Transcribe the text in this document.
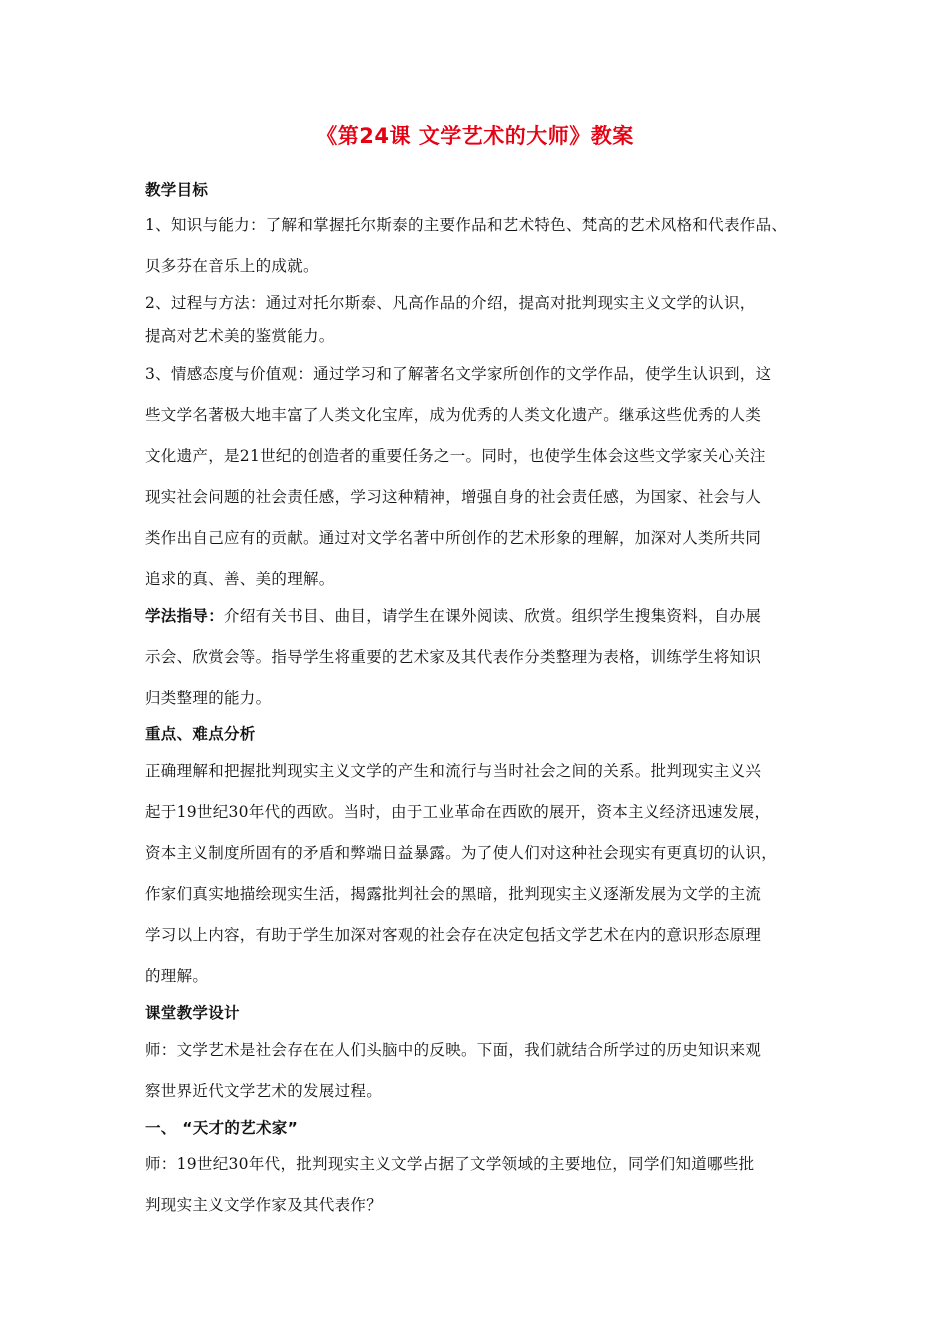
《第24课 文学艺术的大师》教案
教学目标
1、知识与能力：了解和掌握托尔斯泰的主要作品和艺术特色、梵高的艺术风格和代表作品、
贝多芬在音乐上的成就。
2、过程与方法：通过对托尔斯泰、凡高作品的介绍，提高对批判现实主义文学的认识，
提高对艺术美的鉴赏能力。
3、情感态度与价值观：通过学习和了解著名文学家所创作的文学作品，使学生认识到，这
些文学名著极大地丰富了人类文化宝库，成为优秀的人类文化遗产。继承这些优秀的人类
文化遗产，是21世纪的创造者的重要任务之一。同时，也使学生体会这些文学家关心关注
现实社会问题的社会责任感，学习这种精神，增强自身的社会责任感，为国家、社会与人
类作出自己应有的贡献。通过对文学名著中所创作的艺术形象的理解，加深对人类所共同
追求的真、善、美的理解。
学法指导：介绍有关书目、曲目，请学生在课外阅读、欣赏。组织学生搜集资料，自办展
示会、欣赏会等。指导学生将重要的艺术家及其代表作分类整理为表格，训练学生将知识
归类整理的能力。
重点、难点分析
正确理解和把握批判现实主义文学的产生和流行与当时社会之间的关系。批判现实主义兴
起于19世纪30年代的西欧。当时，由于工业革命在西欧的展开，资本主义经济迅速发展，
资本主义制度所固有的矛盾和弊端日益暴露。为了使人们对这种社会现实有更真切的认识，
作家们真实地描绘现实生活，揭露批判社会的黑暗，批判现实主义逐渐发展为文学的主流
学习以上内容，有助于学生加深对客观的社会存在决定包括文学艺术在内的意识形态原理
的理解。
课堂教学设计
师：文学艺术是社会存在在人们头脑中的反映。下面，我们就结合所学过的历史知识来观
察世界近代文学艺术的发展过程。
一、 “天才的艺术家”
师：19世纪30年代，批判现实主义文学占据了文学领域的主要地位，同学们知道哪些批
判现实主义文学作家及其代表作？
